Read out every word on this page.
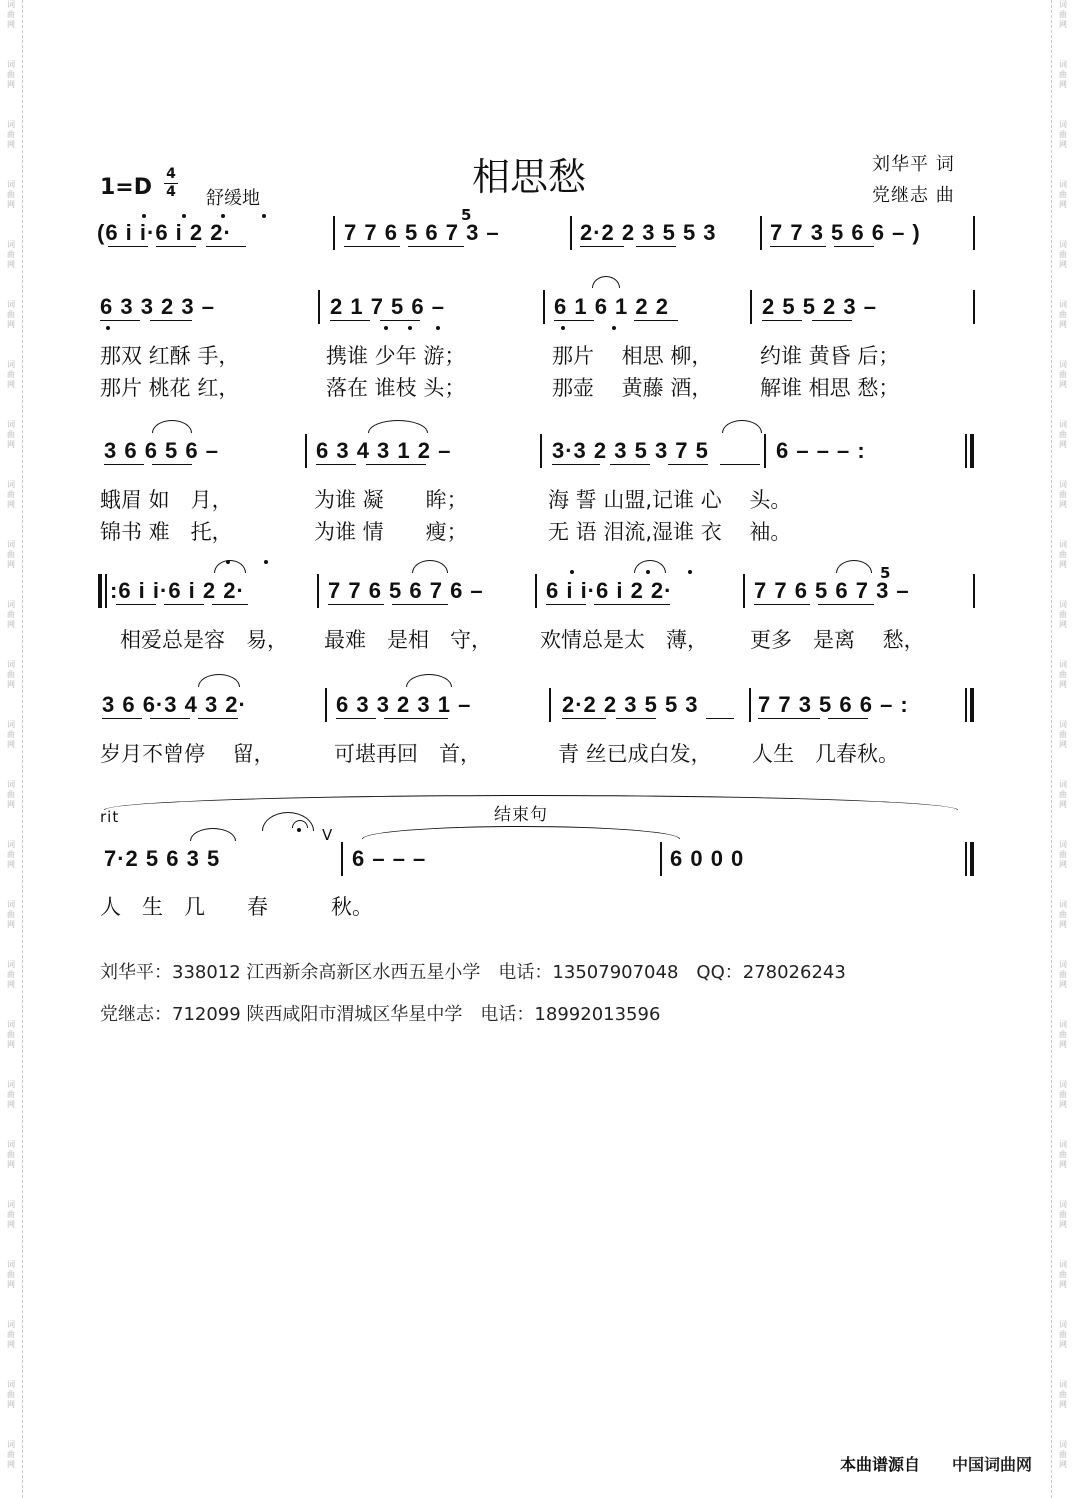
相思愁	刘华平 词
党继志 曲
1=D
4
4 舒缓地
(6 i i·6 i 2 2·	7 7 6 5 6 7 3 –
5
2·2 2 3 5 5 3 7 7 3 5 6 6 – )
6 3 3 2 3 –	2 1 7 5 6 –	6 1 6 1 2 2	2 5 5 2 3 –
那双 红酥 手，	携谁 少年 游；	那片　 相思 柳， 约谁 黄昏 后；
那片 桃花 红，	落在 谁枝 头；	那壶　 黄藤 酒， 解谁 相思 愁；
3 6 6 5 6 –	6 3 4 3 1 2 –	3·3 2 3 5 3 7 5	6 – – – :
蛾眉 如　月，	为谁 凝　　眸；	海 誓 山盟,记谁 心　 头。
锦书 难　托，	为谁 情　　瘦；	无 语 泪流,湿谁 衣　 袖。
:6 i i·6 i 2 2·	7 7 6 5 6 7 6 –	6 i i·6 i 2 2·	7 7 6 5 6 7 3 –
5
相爱总是容　易， 最难　是相　守， 欢情总是太　薄， 更多　是离　 愁，
3 6 6·3 4 3 2·	6 3 3 2 3 1 –	2·2 2 3 5 5 3	7 7 3 5 6 6 – :
岁月不曾停　 留，	可堪再回　首，	青 丝已成白发， 人生　几春秋。
rit	结束句
V
7·2 5 6 3 5	6 – – –	6 0 0 0
人　生　几　　春　　　秋。
刘华平：338012 江西新余高新区水西五星小学　电话：13507907048　QQ：278026243
党继志：712099 陕西咸阳市渭城区华星中学　电话：18992013596
本曲谱源自 中国词曲网
词
曲
网
词
曲
网
词
曲
网
词
曲
网
词
曲
网
词
曲
网
词
曲
网
词
曲
网
词
曲
网
词
曲
网
词
曲
网
词
曲
网
词
曲
网
词
曲
网
词
曲
网
词
曲
网
词
曲
网
词
曲
网
词
曲
网
词
曲
网
词
曲
网
词
曲
网
词
曲
网
词
曲
网
词
曲
网
词
曲
网
词
曲
网
词
曲
网
词
曲
网
词
曲
网
词
曲
网
词
曲
网
词
曲
网
词
曲
网
词
曲
网
词
曲
网
词
曲
网
词
曲
网
词
曲
网
词
曲
网
词
曲
网
词
曲
网
词
曲
网
词
曲
网
词
曲
网
词
曲
网
词
曲
网
词
曲
网
词
曲
网
词
曲
网
